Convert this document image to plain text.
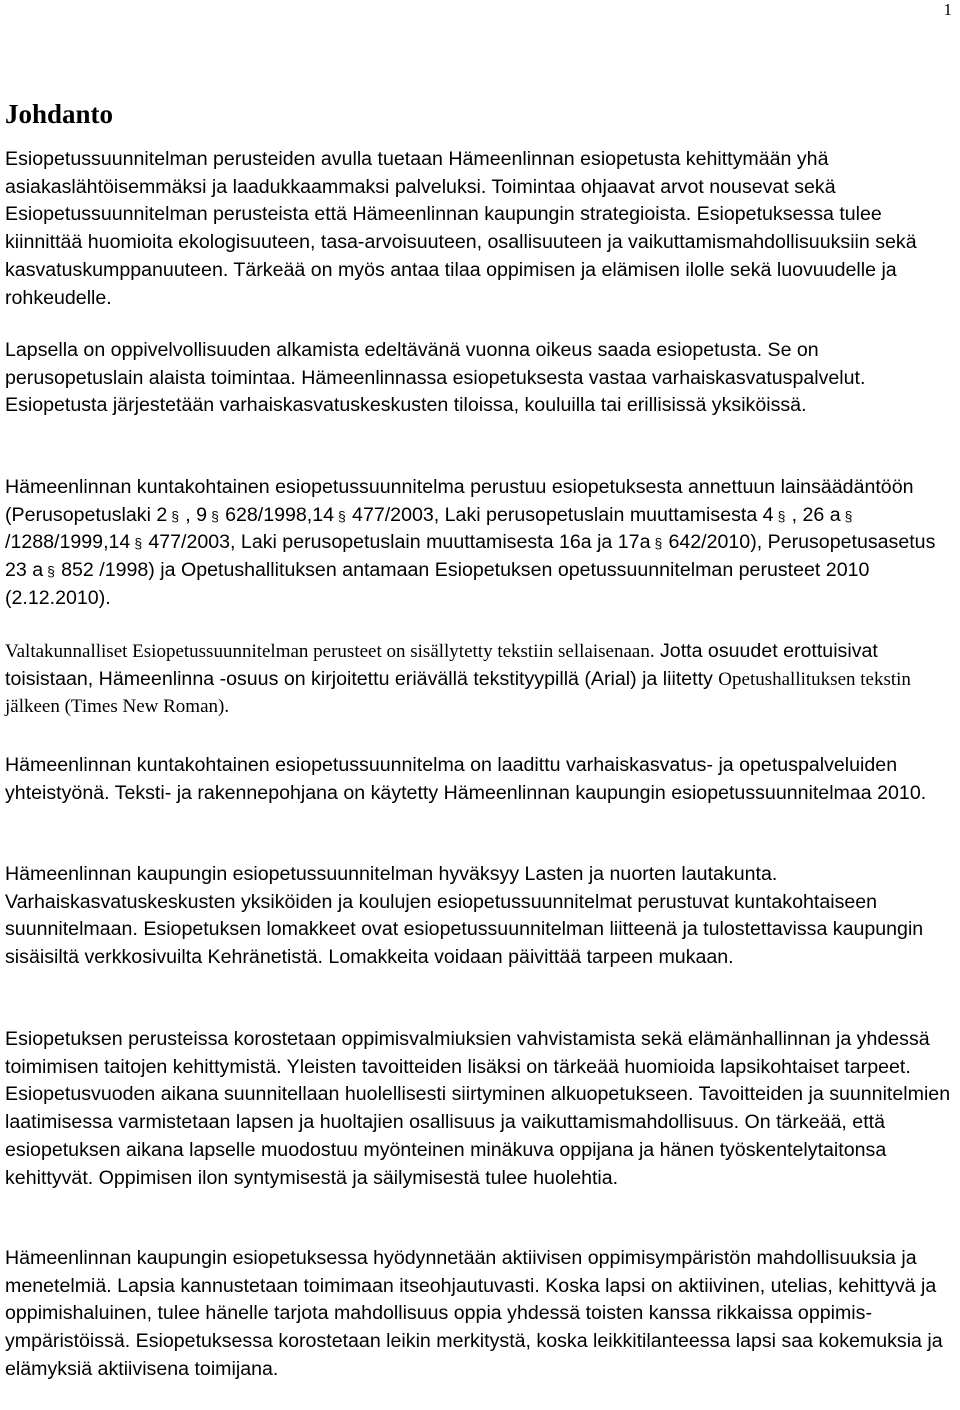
1
Johdanto

Esiopetussuunnitelman perusteiden avulla tuetaan Hämeenlinnan esiopetusta kehittymään yhä asiakaslähtöisemmäksi ja laadukkaammaksi palveluksi. Toimintaa ohjaavat arvot nousevat sekä Esiopetussuunnitelman perusteista että Hämeenlinnan kaupungin strategioista. Esiopetuksessa tulee kiinnittää huomioita ekologisuuteen, tasa-arvoisuuteen, osallisuuteen ja vaikuttamismahdollisuuksiin sekä kasvatuskumppanuuteen. Tärkeää on myös antaa tilaa oppimisen ja elämisen ilolle sekä luovuudelle ja rohkeudelle.

Lapsella on oppivelvollisuuden alkamista edeltävänä vuonna oikeus saada esiopetusta. Se on perusopetuslain alaista toimintaa. Hämeenlinnassa esiopetuksesta vastaa varhaiskasvatuspalvelut. Esiopetusta järjestetään varhaiskasvatuskeskusten tiloissa, kouluilla tai erillisissä yksiköissä.

Hämeenlinnan kuntakohtainen esiopetussuunnitelma perustuu esiopetuksesta annettuun lainsäädäntöön (Perusopetuslaki 2 § , 9 § 628/1998,14 § 477/2003, Laki perusopetuslain muuttamisesta 4 § , 26 a§/1288/1999,14 § 477/2003, Laki perusopetuslain muuttamisesta 16a ja 17a § 642/2010), Perusopetusasetus 23 a § 852 /1998) ja Opetushallituksen antamaan Esiopetuksen opetussuunnitelman perusteet 2010 (2.12.2010).

Valtakunnalliset Esiopetussuunnitelman perusteet on sisällytetty tekstiin sellaisenaan. Jotta osuudet erottuisivat toisistaan, Hämeenlinna -osuus on kirjoitettu eriävällä tekstityypillä (Arial) ja liitetty Opetushallituksen tekstin jälkeen (Times New Roman).

Hämeenlinnan kuntakohtainen esiopetussuunnitelma on laadittu varhaiskasvatus- ja opetuspalveluiden yhteistyönä. Teksti- ja rakennepohjana on käytetty Hämeenlinnan kaupungin esiopetussuunnitelmaa 2010.

Hämeenlinnan kaupungin esiopetussuunnitelman hyväksyy Lasten ja nuorten lautakunta. Varhaiskasvatuskeskusten yksiköiden ja koulujen esiopetussuunnitelmat perustuvat kuntakohtaiseen suunnitelmaan. Esiopetuksen lomakkeet ovat esiopetussuunnitelman liitteenä ja tulostettavissa kaupungin sisäisiltä verkkosivuilta Kehränetistä. Lomakkeita voidaan päivittää tarpeen mukaan.

Esiopetuksen perusteissa korostetaan oppimisvalmiuksien vahvistamista sekä elämänhallinnan ja yhdessä toimimisen taitojen kehittymistä. Yleisten tavoitteiden lisäksi on tärkeää huomioida lapsikohtaiset tarpeet. Esiopetusvuoden aikana suunnitellaan huolellisesti siirtyminen alkuopetukseen. Tavoitteiden ja suunnitelmien laatimisessa varmistetaan lapsen ja huoltajien osallisuus ja vaikuttamismahdollisuus. On tärkeää, että esiopetuksen aikana lapselle muodostuu myönteinen minäkuva oppijana ja hänen työskentelytaitonsa kehittyvät. Oppimisen ilon syntymisestä ja säilymisestä tulee huolehtia.

Hämeenlinnan kaupungin esiopetuksessa hyödynnetään aktiivisen oppimisympäristön mahdollisuuksia ja menetelmiä. Lapsia kannustetaan toimimaan itseohjautuvasti. Koska lapsi on aktiivinen, utelias, kehittyvä ja oppimishaluinen, tulee hänelle tarjota mahdollisuus oppia yhdessä toisten kanssa rikkaissa oppimis-ympäristöissä. Esiopetuksessa korostetaan leikin merkitystä, koska leikkitilanteessa lapsi saa kokemuksia ja elämyksiä aktiivisena toimijana.
